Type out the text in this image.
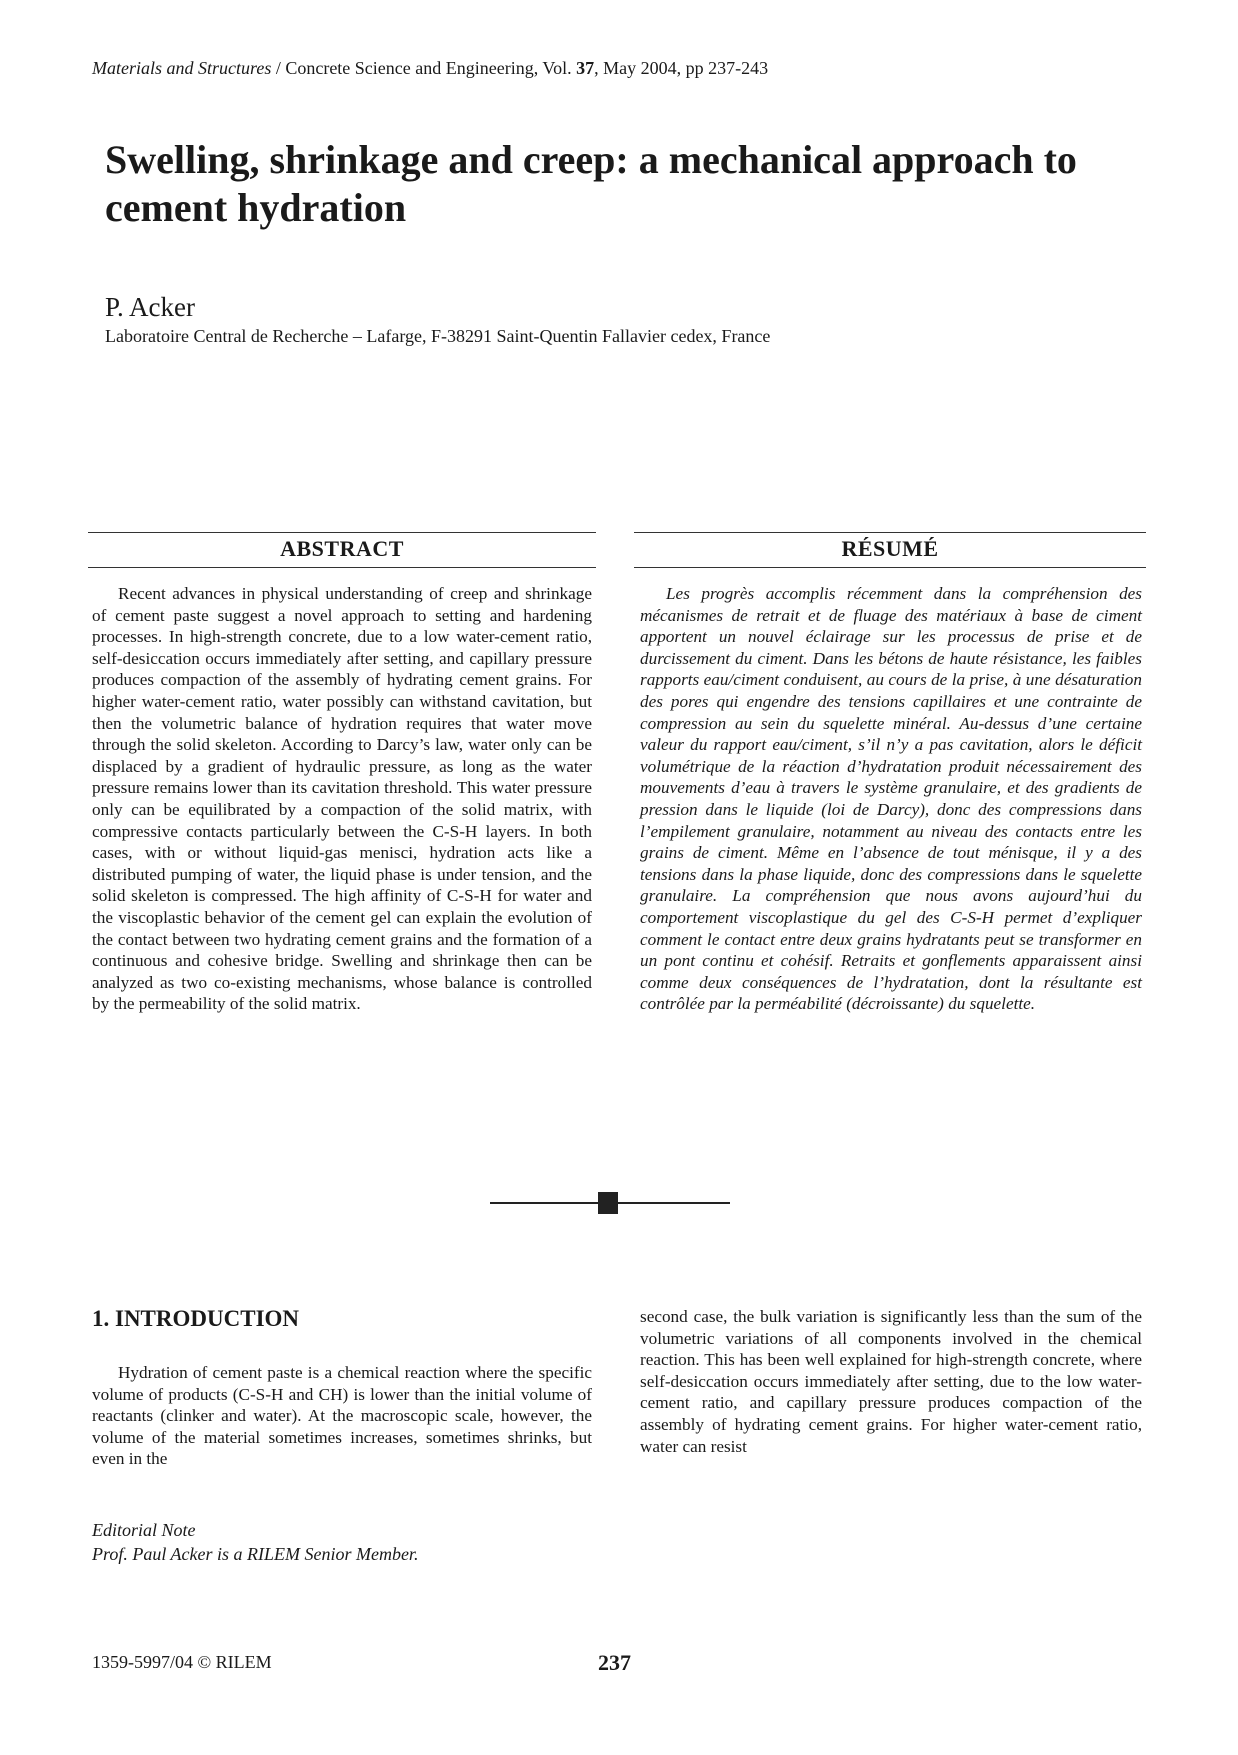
Materials and Structures / Concrete Science and Engineering, Vol. 37, May 2004, pp 237-243
Swelling, shrinkage and creep: a mechanical approach to cement hydration
P. Acker
Laboratoire Central de Recherche – Lafarge, F-38291 Saint-Quentin Fallavier cedex, France
ABSTRACT

Recent advances in physical understanding of creep and shrinkage of cement paste suggest a novel approach to setting and hardening processes. In high-strength concrete, due to a low water-cement ratio, self-desiccation occurs immediately after setting, and capillary pressure produces compaction of the assembly of hydrating cement grains. For higher water-cement ratio, water possibly can withstand cavitation, but then the volumetric balance of hydration requires that water move through the solid skeleton. According to Darcy’s law, water only can be displaced by a gradient of hydraulic pressure, as long as the water pressure remains lower than its cavitation threshold. This water pressure only can be equilibrated by a compaction of the solid matrix, with compressive contacts particularly between the C-S-H layers. In both cases, with or without liquid-gas menisci, hydration acts like a distributed pumping of water, the liquid phase is under tension, and the solid skeleton is compressed. The high affinity of C-S-H for water and the viscoplastic behavior of the cement gel can explain the evolution of the contact between two hydrating cement grains and the formation of a continuous and cohesive bridge. Swelling and shrinkage then can be analyzed as two co-existing mechanisms, whose balance is controlled by the permeability of the solid matrix.

RÉSUMÉ

Les progrès accomplis récemment dans la compréhension des mécanismes de retrait et de fluage des matériaux à base de ciment apportent un nouvel éclairage sur les processus de prise et de durcissement du ciment. Dans les bétons de haute résistance, les faibles rapports eau/ciment conduisent, au cours de la prise, à une désaturation des pores qui engendre des tensions capillaires et une contrainte de compression au sein du squelette minéral. Au-dessus d’une certaine valeur du rapport eau/ciment, s’il n’y a pas cavitation, alors le déficit volumétrique de la réaction d’hydratation produit nécessairement des mouvements d’eau à travers le système granulaire, et des gradients de pression dans le liquide (loi de Darcy), donc des compressions dans l’empilement granulaire, notamment au niveau des contacts entre les grains de ciment. Même en l’absence de tout ménisque, il y a des tensions dans la phase liquide, donc des compressions dans le squelette granulaire. La compréhension que nous avons aujourd’hui du comportement viscoplastique du gel des C-S-H permet d’expliquer comment le contact entre deux grains hydratants peut se transformer en un pont continu et cohésif. Retraits et gonflements apparaissent ainsi comme deux conséquences de l’hydratation, dont la résultante est contrôlée par la perméabilité (décroissante) du squelette.

1. INTRODUCTION

Hydration of cement paste is a chemical reaction where the specific volume of products (C-S-H and CH) is lower than the initial volume of reactants (clinker and water). At the macroscopic scale, however, the volume of the material sometimes increases, sometimes shrinks, but even in the

second case, the bulk variation is significantly less than the sum of the volumetric variations of all components involved in the chemical reaction. This has been well explained for high-strength concrete, where self-desiccation occurs immediately after setting, due to the low water-cement ratio, and capillary pressure produces compaction of the assembly of hydrating cement grains. For higher water-cement ratio, water can resist

Editorial Note
Prof. Paul Acker is a RILEM Senior Member.
1359-5997/04 © RILEM	237
